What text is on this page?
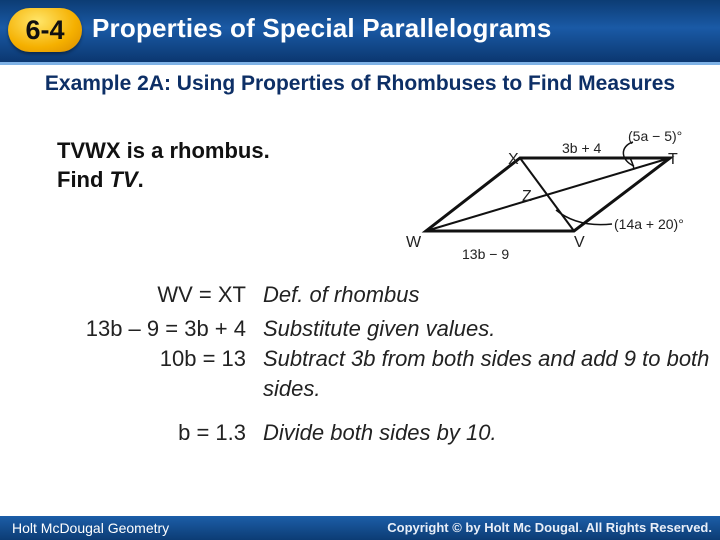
6-4	Properties of Special Parallelograms
Example 2A: Using Properties of Rhombuses to Find Measures
TVWX is a rhombus.
Find TV.
X	T
W	V
Z
3b + 4
13b − 9
(5a − 5)°
(14a + 20)°
WV = XT Def. of rhombus
13b – 9 = 3b + 4 Substitute given values.
10b = 13 Subtract 3b from both sides and add 9 to both sides.
b = 1.3 Divide both sides by 10.
Holt McDougal Geometry	Copyright © by Holt Mc Dougal. All Rights Reserved.
